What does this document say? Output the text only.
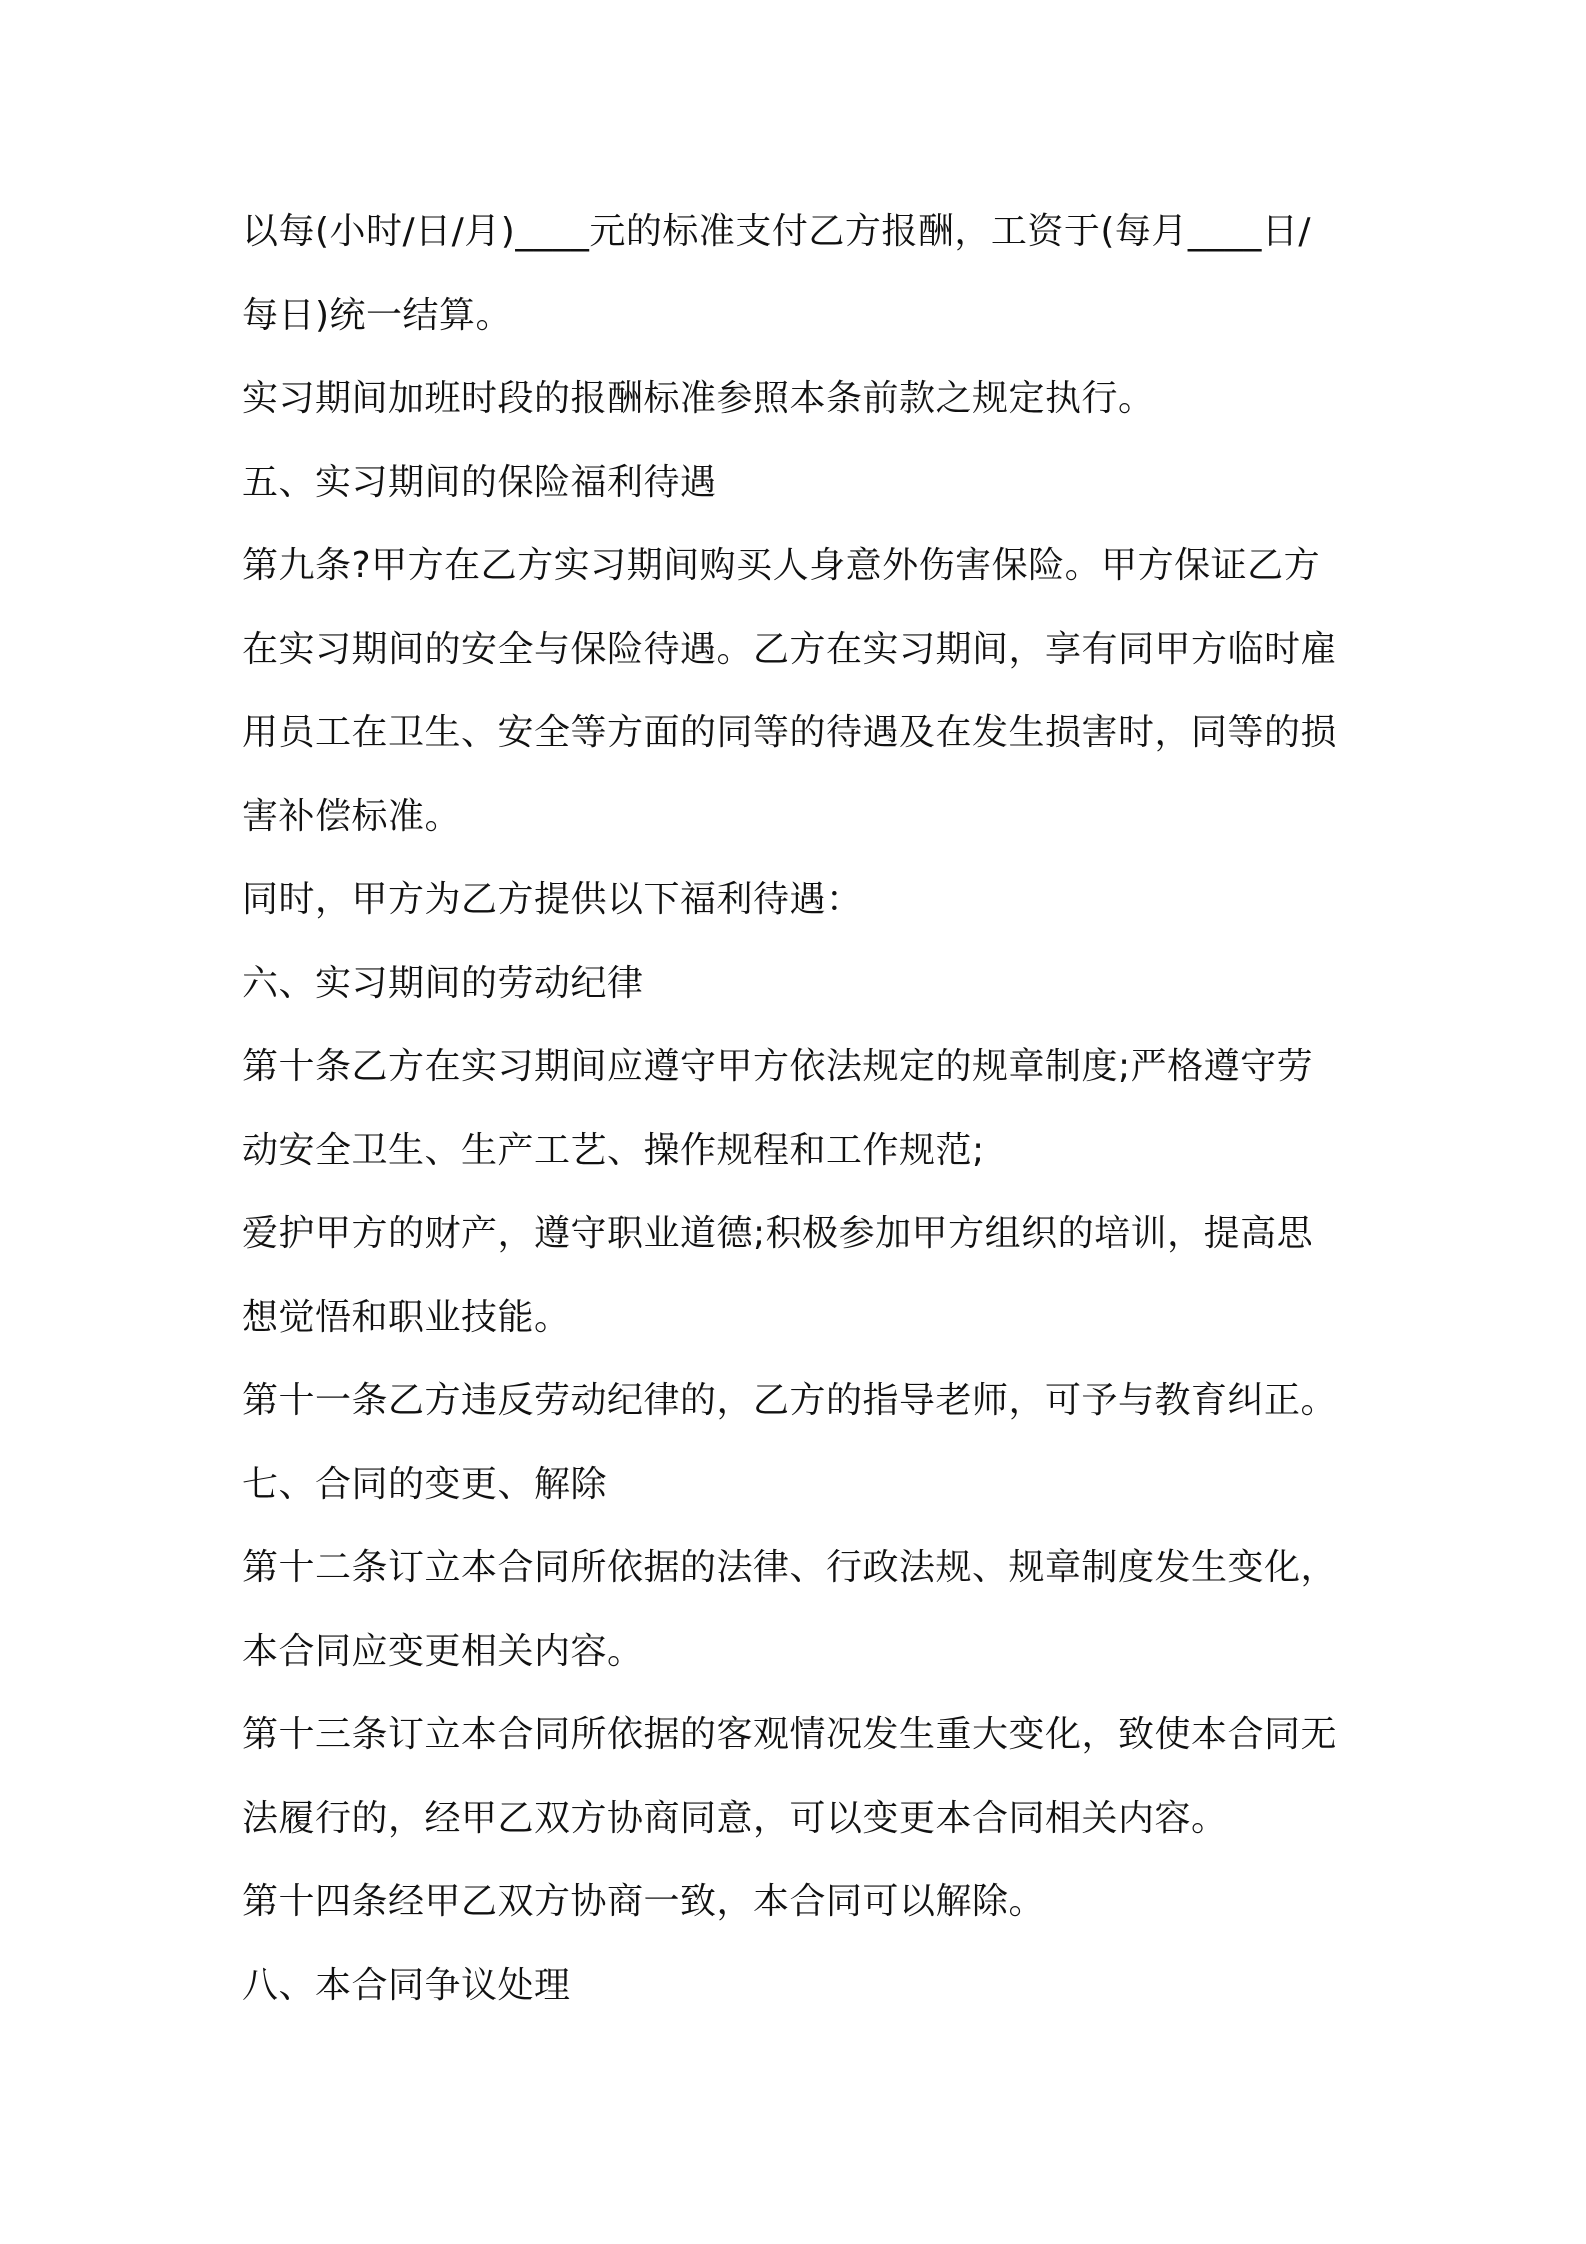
以每(小时/日/月)____元的标准支付乙方报酬，工资于(每月____日/
每日)统一结算。
实习期间加班时段的报酬标准参照本条前款之规定执行。
五、实习期间的保险福利待遇
第九条?甲方在乙方实习期间购买人身意外伤害保险。甲方保证乙方
在实习期间的安全与保险待遇。乙方在实习期间，享有同甲方临时雇
用员工在卫生、安全等方面的同等的待遇及在发生损害时，同等的损
害补偿标准。
同时，甲方为乙方提供以下福利待遇：
六、实习期间的劳动纪律
第十条乙方在实习期间应遵守甲方依法规定的规章制度;严格遵守劳
动安全卫生、生产工艺、操作规程和工作规范;
爱护甲方的财产，遵守职业道德;积极参加甲方组织的培训，提高思
想觉悟和职业技能。
第十一条乙方违反劳动纪律的，乙方的指导老师，可予与教育纠正。
七、合同的变更、解除
第十二条订立本合同所依据的法律、行政法规、规章制度发生变化，
本合同应变更相关内容。
第十三条订立本合同所依据的客观情况发生重大变化，致使本合同无
法履行的，经甲乙双方协商同意，可以变更本合同相关内容。
第十四条经甲乙双方协商一致，本合同可以解除。
八、本合同争议处理
